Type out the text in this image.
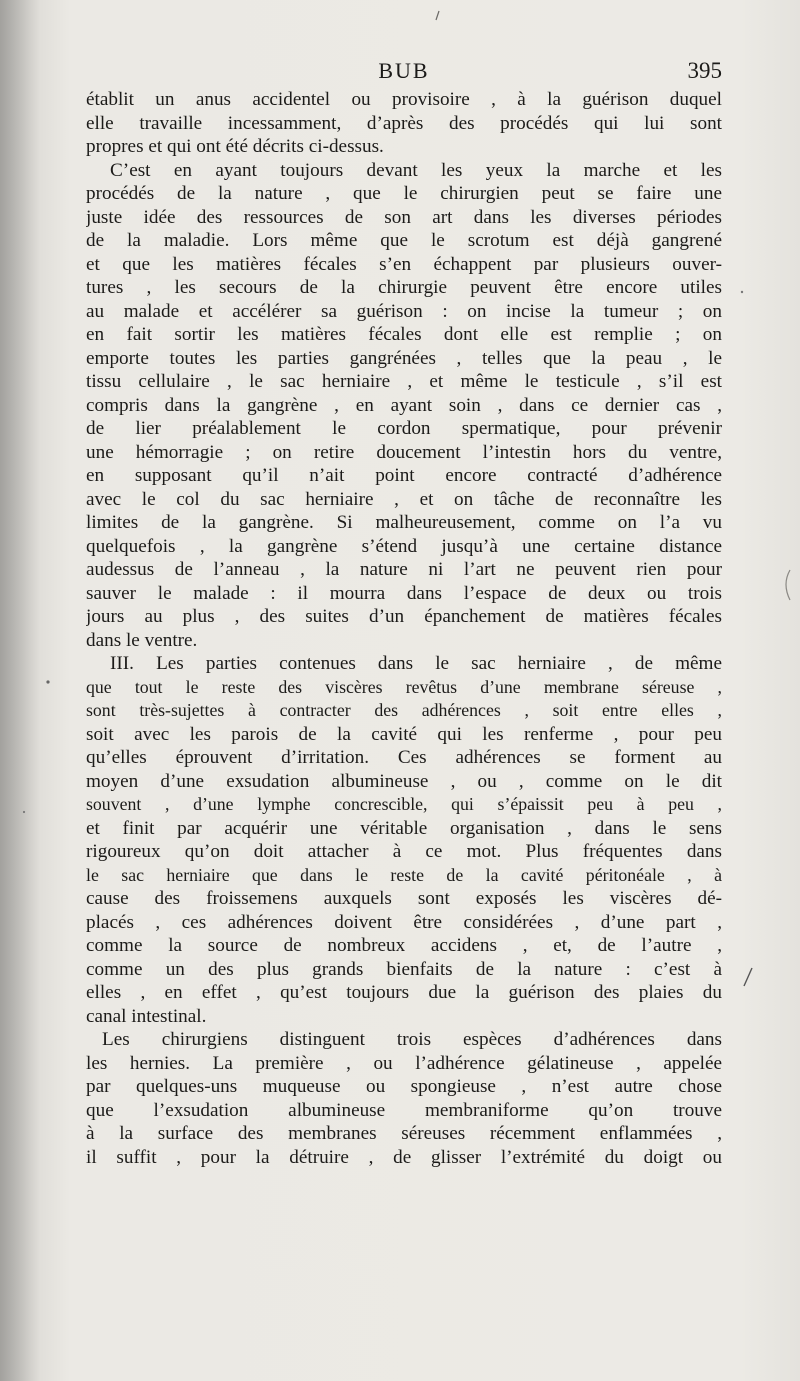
BUB	395
établit un anus accidentel ou provisoire , à la guérison duquel
elle travaille incessamment, d’après des procédés qui lui sont
propres et qui ont été décrits ci-dessus.
C’est en ayant toujours devant les yeux la marche et les
procédés de la nature , que le chirurgien peut se faire une
juste idée des ressources de son art dans les diverses périodes
de la maladie. Lors même que le scrotum est déjà gangrené
et que les matières fécales s’en échappent par plusieurs ouver-
tures , les secours de la chirurgie peuvent être encore utiles
au malade et accélérer sa guérison : on incise la tumeur ; on
en fait sortir les matières fécales dont elle est remplie ; on
emporte toutes les parties gangrénées , telles que la peau , le
tissu cellulaire , le sac herniaire , et même le testicule , s’il est
compris dans la gangrène , en ayant soin , dans ce dernier cas ,
de lier préalablement le cordon spermatique, pour prévenir
une hémorragie ; on retire doucement l’intestin hors du ventre,
en supposant qu’il n’ait point encore contracté d’adhérence
avec le col du sac herniaire , et on tâche de reconnaître les
limites de la gangrène. Si malheureusement, comme on l’a vu
quelquefois , la gangrène s’étend jusqu’à une certaine distance
audessus de l’anneau , la nature ni l’art ne peuvent rien pour
sauver le malade : il mourra dans l’espace de deux ou trois
jours au plus , des suites d’un épanchement de matières fécales
dans le ventre.
III. Les parties contenues dans le sac herniaire , de même
que tout le reste des viscères revêtus d’une membrane séreuse ,
sont très-sujettes à contracter des adhérences , soit entre elles ,
soit avec les parois de la cavité qui les renferme , pour peu
qu’elles éprouvent d’irritation. Ces adhérences se forment au
moyen d’une exsudation albumineuse , ou , comme on le dit
souvent , d’une lymphe concrescible, qui s’épaissit peu à peu ,
et finit par acquérir une véritable organisation , dans le sens
rigoureux qu’on doit attacher à ce mot. Plus fréquentes dans
le sac herniaire que dans le reste de la cavité péritonéale , à
cause des froissemens auxquels sont exposés les viscères dé-
placés , ces adhérences doivent être considérées , d’une part ,
comme la source de nombreux accidens , et, de l’autre ,
comme un des plus grands bienfaits de la nature : c’est à
elles , en effet , qu’est toujours due la guérison des plaies du
canal intestinal.
Les chirurgiens distinguent trois espèces d’adhérences dans
les hernies. La première , ou l’adhérence gélatineuse , appelée
par quelques-uns muqueuse ou spongieuse , n’est autre chose
que l’exsudation albumineuse membraniforme qu’on trouve
à la surface des membranes séreuses récemment enflammées ,
il suffit , pour la détruire , de glisser l’extrémité du doigt ou
